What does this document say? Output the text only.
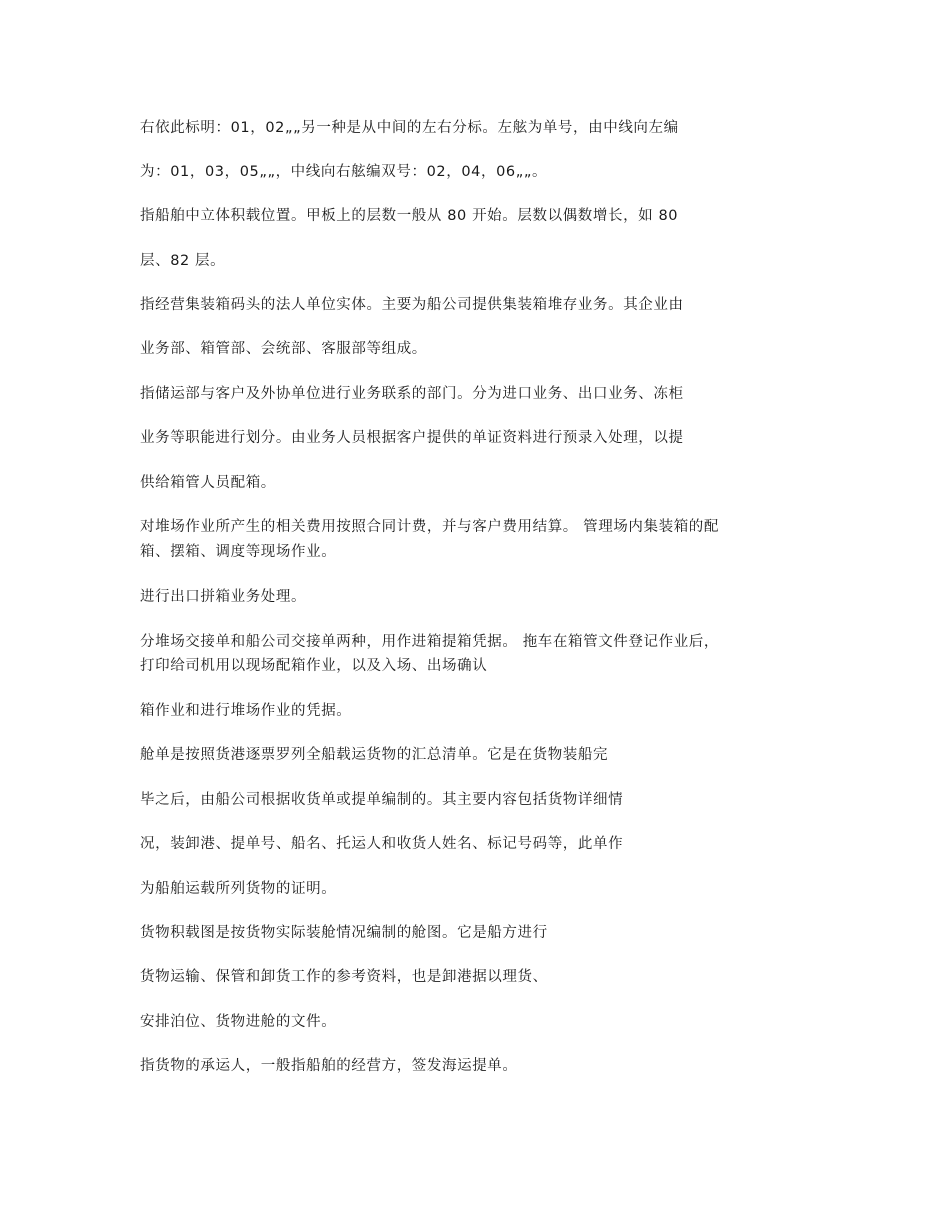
右依此标明：01，02„„另一种是从中间的左右分标。左舷为单号，由中线向左编
为：01，03，05„„，中线向右舷编双号：02，04，06„„。
指船舶中立体积载位置。甲板上的层数一般从 80 开始。层数以偶数增长，如 80
层、82 层。
指经营集装箱码头的法人单位实体。主要为船公司提供集装箱堆存业务。其企业由
业务部、箱管部、会统部、客服部等组成。
指储运部与客户及外协单位进行业务联系的部门。分为进口业务、出口业务、冻柜
业务等职能进行划分。由业务人员根据客户提供的单证资料进行预录入处理，以提
供给箱管人员配箱。
对堆场作业所产生的相关费用按照合同计费，并与客户费用结算。 管理场内集装箱的配
箱、摆箱、调度等现场作业。
进行出口拼箱业务处理。
分堆场交接单和船公司交接单两种，用作进箱提箱凭据。 拖车在箱管文件登记作业后，
打印给司机用以现场配箱作业，以及入场、出场确认
箱作业和进行堆场作业的凭据。
舱单是按照货港逐票罗列全船载运货物的汇总清单。它是在货物装船完
毕之后，由船公司根据收货单或提单编制的。其主要内容包括货物详细情
况，装卸港、提单号、船名、托运人和收货人姓名、标记号码等，此单作
为船舶运载所列货物的证明。
货物积载图是按货物实际装舱情况编制的舱图。它是船方进行
货物运输、保管和卸货工作的参考资料，也是卸港据以理货、
安排泊位、货物进舱的文件。
指货物的承运人，一般指船舶的经营方，签发海运提单。
